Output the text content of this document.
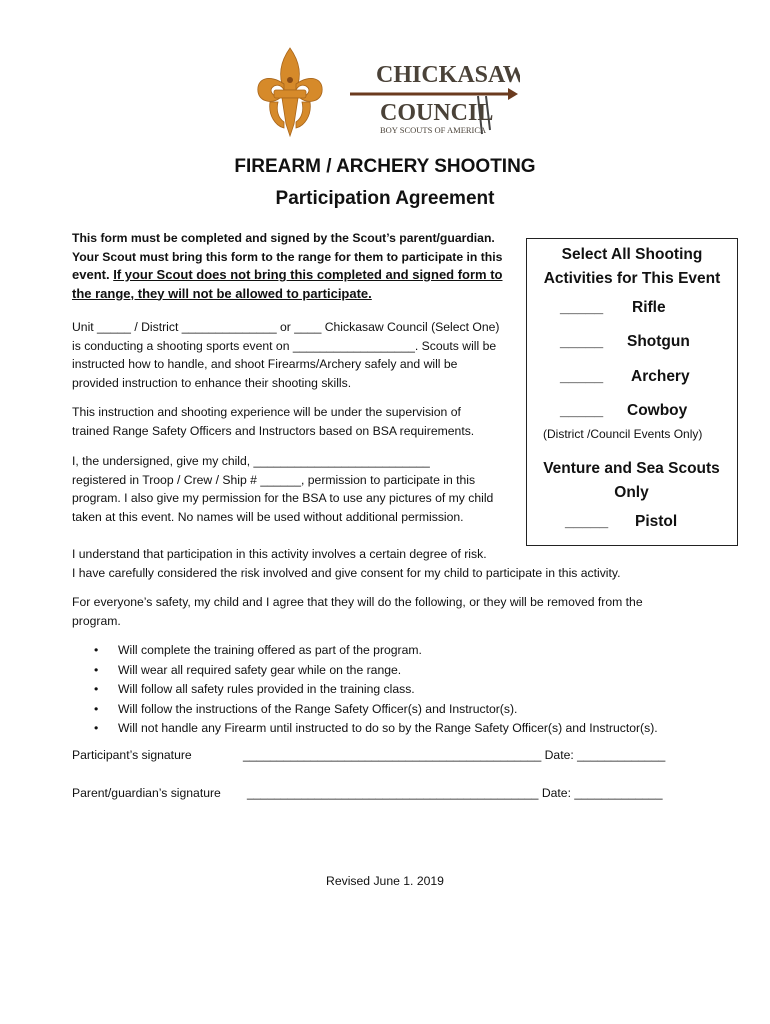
CHICKASAW
COUNCIL
BOY SCOUTS OF AMERICA
FIREARM / ARCHERY SHOOTING
Participation Agreement
This form must be completed and signed by the Scout’s parent/guardian.
Your Scout must bring this form to the range for them to participate in this
event. If your Scout does not bring this completed and signed form to
the range, they will not be allowed to participate.
Unit _____ / District ______________ or ____ Chickasaw Council (Select One)
is conducting a shooting sports event on __________________. Scouts will be
instructed how to handle, and shoot Firearms/Archery safely and will be
provided instruction to enhance their shooting skills.
This instruction and shooting experience will be under the supervision of
trained Range Safety Officers and Instructors based on BSA requirements.
I, the undersigned, give my child, __________________________
registered in Troop / Crew / Ship # ______, permission to participate in this
program. I also give my permission for the BSA to use any pictures of my child
taken at this event. No names will be used without additional permission.
Select All Shooting
Activities for This Event
_____ Rifle
_____ Shotgun
_____ Archery
_____ Cowboy
(District /Council Events Only)
Venture and Sea Scouts
Only
_____ Pistol
I understand that participation in this activity involves a certain degree of risk.
I have carefully considered the risk involved and give consent for my child to participate in this activity.
For everyone’s safety, my child and I agree that they will do the following, or they will be removed from the
program.
• Will complete the training offered as part of the program.
• Will wear all required safety gear while on the range.
• Will follow all safety rules provided in the training class.
• Will follow the instructions of the Range Safety Officer(s) and Instructor(s).
• Will not handle any Firearm until instructed to do so by the Range Safety Officer(s) and Instructor(s).
Participant’s signature	____________________________________________ Date: _____________
Parent/guardian’s signature ___________________________________________ Date: _____________
Revised June 1. 2019
